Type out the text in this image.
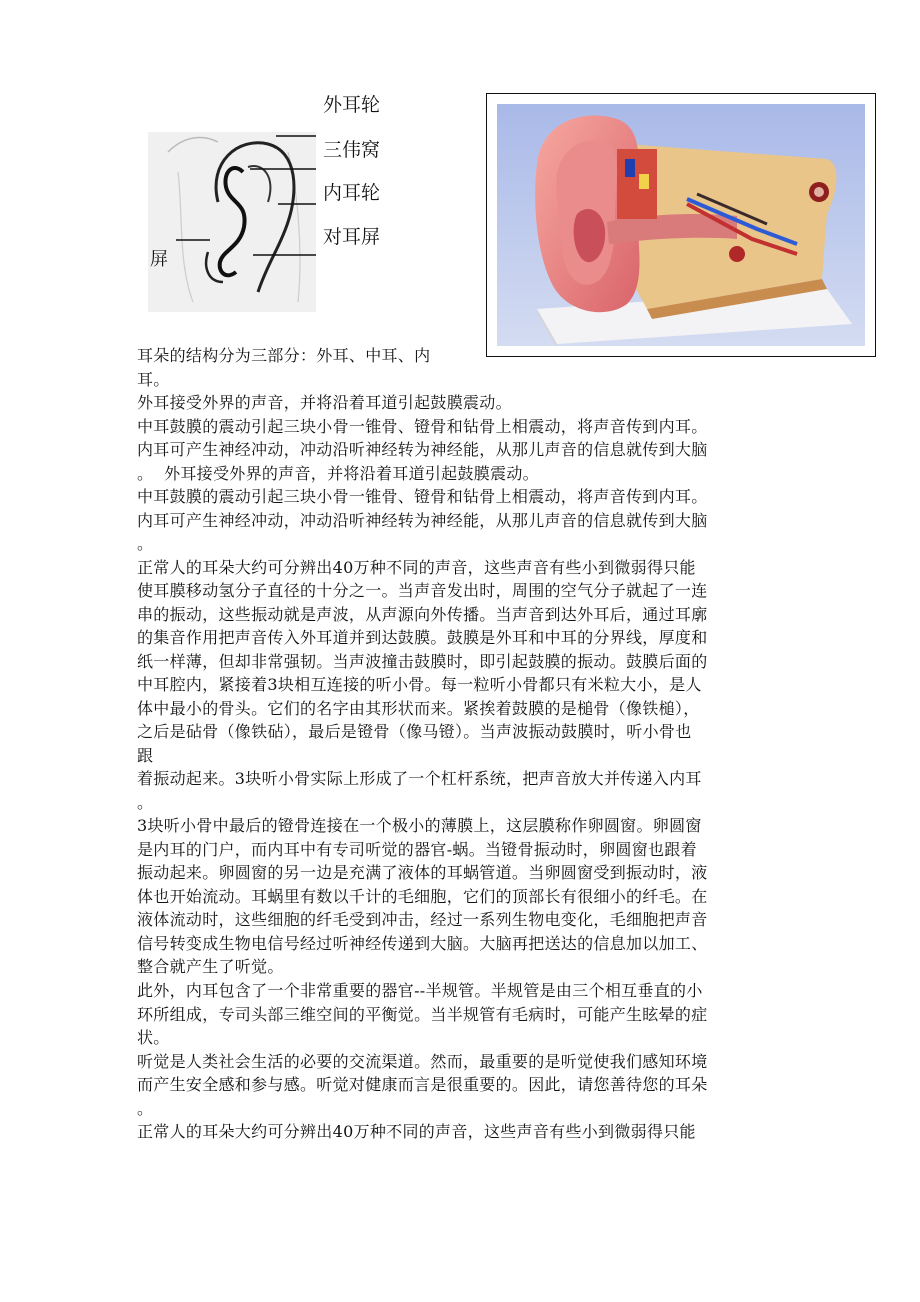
屏
外耳轮
三伟窝
内耳轮
对耳屏

耳朵的结构分为三部分：外耳、中耳、内
耳。

外耳接受外界的声音，并将沿着耳道引起鼓膜震动。

中耳鼓膜的震动引起三块小骨一锥骨、镫骨和钻骨上相震动，将声音传到内耳。

内耳可产生神经冲动，冲动沿听神经转为神经能，从那儿声音的信息就传到大脑
。  外耳接受外界的声音，并将沿着耳道引起鼓膜震动。

中耳鼓膜的震动引起三块小骨一锥骨、镫骨和钻骨上相震动，将声音传到内耳。

内耳可产生神经冲动，冲动沿听神经转为神经能，从那儿声音的信息就传到大脑
。

正常人的耳朵大约可分辨出40万种不同的声音，这些声音有些小到微弱得只能
使耳膜移动氢分子直径的十分之一。当声音发出时，周围的空气分子就起了一连
串的振动，这些振动就是声波，从声源向外传播。当声音到达外耳后，通过耳廓
的集音作用把声音传入外耳道并到达鼓膜。鼓膜是外耳和中耳的分界线，厚度和
纸一样薄，但却非常强韧。当声波撞击鼓膜时，即引起鼓膜的振动。鼓膜后面的
中耳腔内，紧接着3块相互连接的听小骨。每一粒听小骨都只有米粒大小，是人
体中最小的骨头。它们的名字由其形状而来。紧挨着鼓膜的是槌骨（像铁槌），
之后是砧骨（像铁砧），最后是镫骨（像马镫）。当声波振动鼓膜时，听小骨也
跟
着振动起来。3块听小骨实际上形成了一个杠杆系统，把声音放大并传递入内耳
。

3块听小骨中最后的镫骨连接在一个极小的薄膜上，这层膜称作卵圆窗。卵圆窗
是内耳的门户，而内耳中有专司听觉的器官-蜗。当镫骨振动时，卵圆窗也跟着
振动起来。卵圆窗的另一边是充满了液体的耳蜗管道。当卵圆窗受到振动时，液
体也开始流动。耳蜗里有数以千计的毛细胞，它们的顶部长有很细小的纤毛。在
液体流动时，这些细胞的纤毛受到冲击，经过一系列生物电变化，毛细胞把声音
信号转变成生物电信号经过听神经传递到大脑。大脑再把送达的信息加以加工、
整合就产生了听觉。

此外，内耳包含了一个非常重要的器官--半规管。半规管是由三个相互垂直的小
环所组成，专司头部三维空间的平衡觉。当半规管有毛病时，可能产生眩晕的症
状。

听觉是人类社会生活的必要的交流渠道。然而，最重要的是听觉使我们感知环境
而产生安全感和参与感。听觉对健康而言是很重要的。因此，请您善待您的耳朵
。

正常人的耳朵大约可分辨出40万种不同的声音，这些声音有些小到微弱得只能
